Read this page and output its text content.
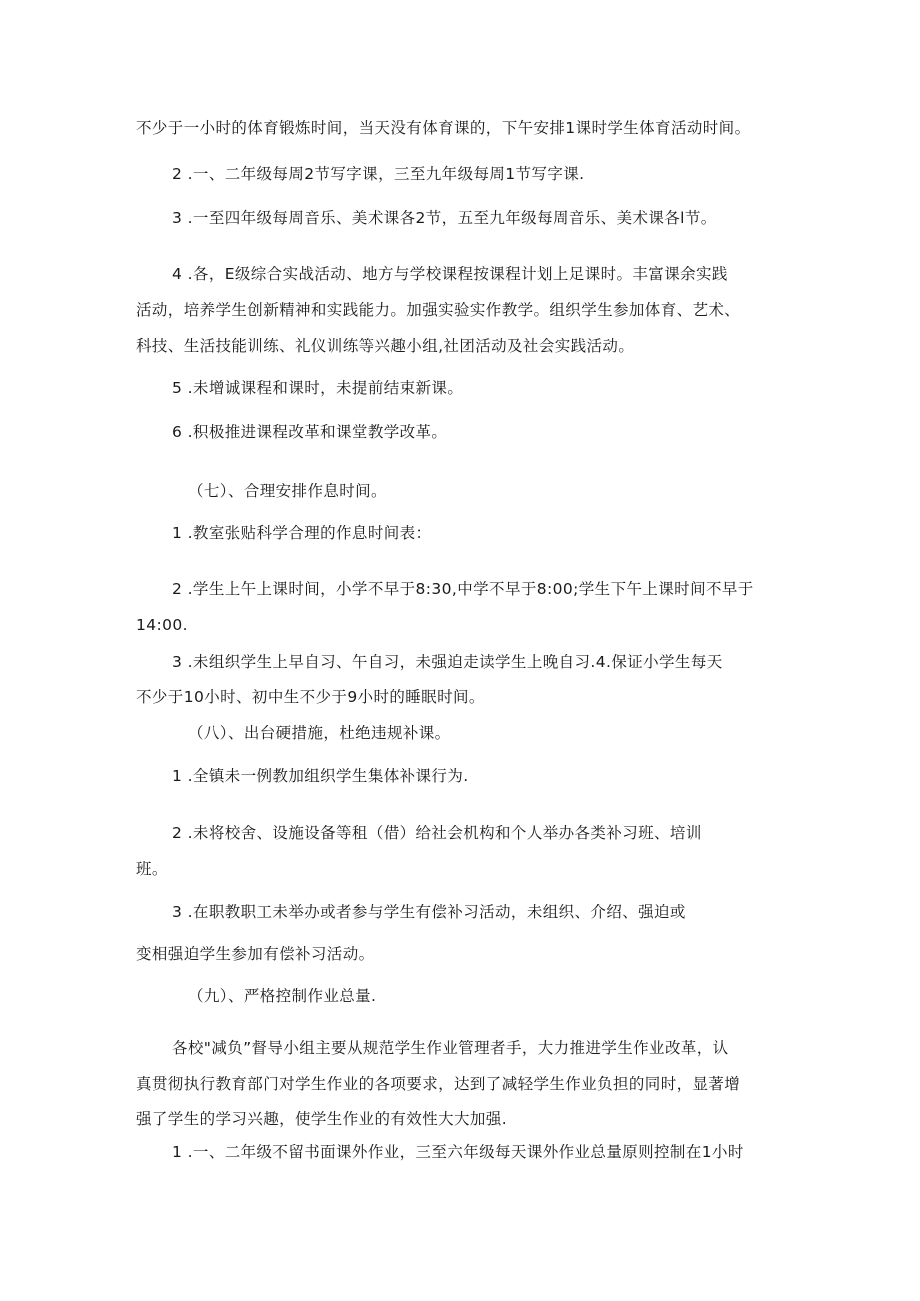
不少于一小时的体育锻炼时间，当天没有体育课的，下午安排1课时学生体育活动时间。
2 .一、二年级每周2节写字课，三至九年级每周1节写字课.
3 .一至四年级每周音乐、美术课各2节，五至九年级每周音乐、美术课各l节。
4 .各，E级综合实战活动、地方与学校课程按课程计划上足课时。丰富课余实践
活动，培养学生创新精神和实践能力。加强实验实作教学。组织学生参加体育、艺术、
科技、生活技能训练、礼仪训练等兴趣小组,社团活动及社会实践活动。
5 .未增诚课程和课时，未提前结束新课。
6 .积极推进课程改革和课堂教学改革。
（七）、合理安排作息时间。
1 .教室张贴科学合理的作息时间表：
2 .学生上午上课时间，小学不早于8:30,中学不早于8:00;学生下午上课时间不早于
14:00.
3 .未组织学生上早自习、午自习，未强迫走读学生上晚自习.4.保证小学生每天
不少于10小时、初中生不少于9小时的睡眠时间。
（八）、出台硬措施，杜绝违规补课。
1 .全镇未一例教加组织学生集体补课行为.
2 .未将校舍、设施设备等租（借）给社会机构和个人举办各类补习班、培训
班。
3 .在职教职工未举办或者参与学生有偿补习活动，未组织、介绍、强迫或
变相强迫学生参加有偿补习活动。
（九）、严格控制作业总量.
各校"减负”督导小组主要从规范学生作业管理者手，大力推进学生作业改革，认
真贯彻执行教育部门对学生作业的各项要求，达到了减轻学生作业负担的同时，显著增
强了学生的学习兴趣，使学生作业的有效性大大加强.
1 .一、二年级不留书面课外作业，三至六年级每天课外作业总量原则控制在1小时
